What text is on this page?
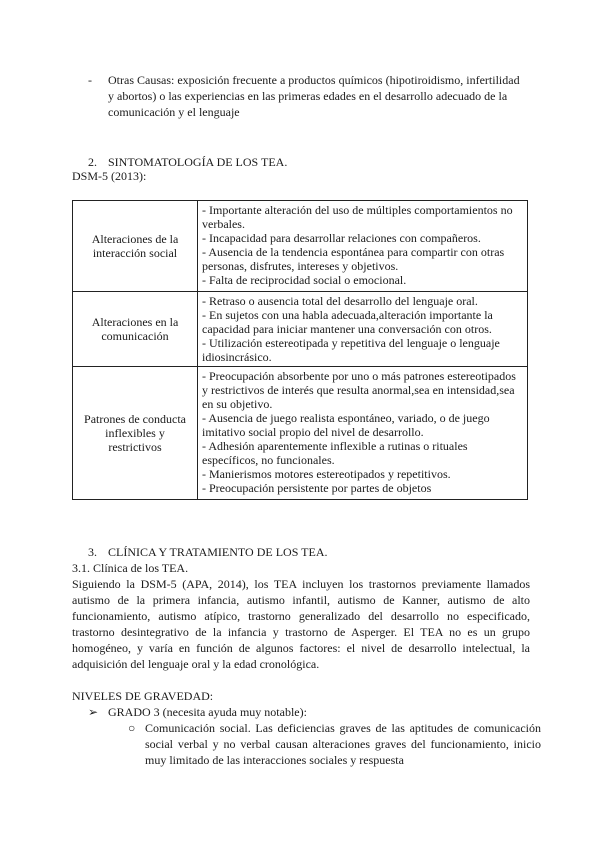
- Otras Causas: exposición frecuente a productos químicos (hipotiroidismo, infertilidad y abortos) o las experiencias en las primeras edades en el desarrollo adecuado de la comunicación y el lenguaje
2. SINTOMATOLOGÍA DE LOS TEA.
DSM-5 (2013):
Alteraciones de la interacción social	- Importante alteración del uso de múltiples comportamientos no verbales.
- Incapacidad para desarrollar relaciones con compañeros.
- Ausencia de la tendencia espontánea para compartir con otras personas, disfrutes, intereses y objetivos.
- Falta de reciprocidad social o emocional.

Alteraciones en la comunicación	- Retraso o ausencia total del desarrollo del lenguaje oral.
- En sujetos con una habla adecuada,alteración importante la capacidad para iniciar mantener una conversación con otros.
- Utilización estereotipada y repetitiva del lenguaje o lenguaje idiosincrásico.

Patrones de conducta inflexibles y restrictivos	- Preocupación absorbente por uno o más patrones estereotipados y restrictivos de interés que resulta anormal,sea en intensidad,sea en su objetivo.
- Ausencia de juego realista espontáneo, variado, o de juego imitativo social propio del nivel de desarrollo.
- Adhesión aparentemente inflexible a rutinas o rituales específicos, no funcionales.
- Manierismos motores estereotipados y repetitivos.
- Preocupación persistente por partes de objetos
3. CLÍNICA Y TRATAMIENTO DE LOS TEA.
3.1. Clínica de los TEA.
Siguiendo la DSM-5 (APA, 2014), los TEA incluyen los trastornos previamente llamados autismo de la primera infancia, autismo infantil, autismo de Kanner, autismo de alto funcionamiento, autismo atípico, trastorno generalizado del desarrollo no especificado, trastorno desintegrativo de la infancia y trastorno de Asperger. El TEA no es un grupo homogéneo, y varía en función de algunos factores: el nivel de desarrollo intelectual, la adquisición del lenguaje oral y la edad cronológica.
NIVELES DE GRAVEDAD:
➢ GRADO 3 (necesita ayuda muy notable):
○ Comunicación social. Las deficiencias graves de las aptitudes de comunicación social verbal y no verbal causan alteraciones graves del funcionamiento, inicio muy limitado de las interacciones sociales y respuesta
